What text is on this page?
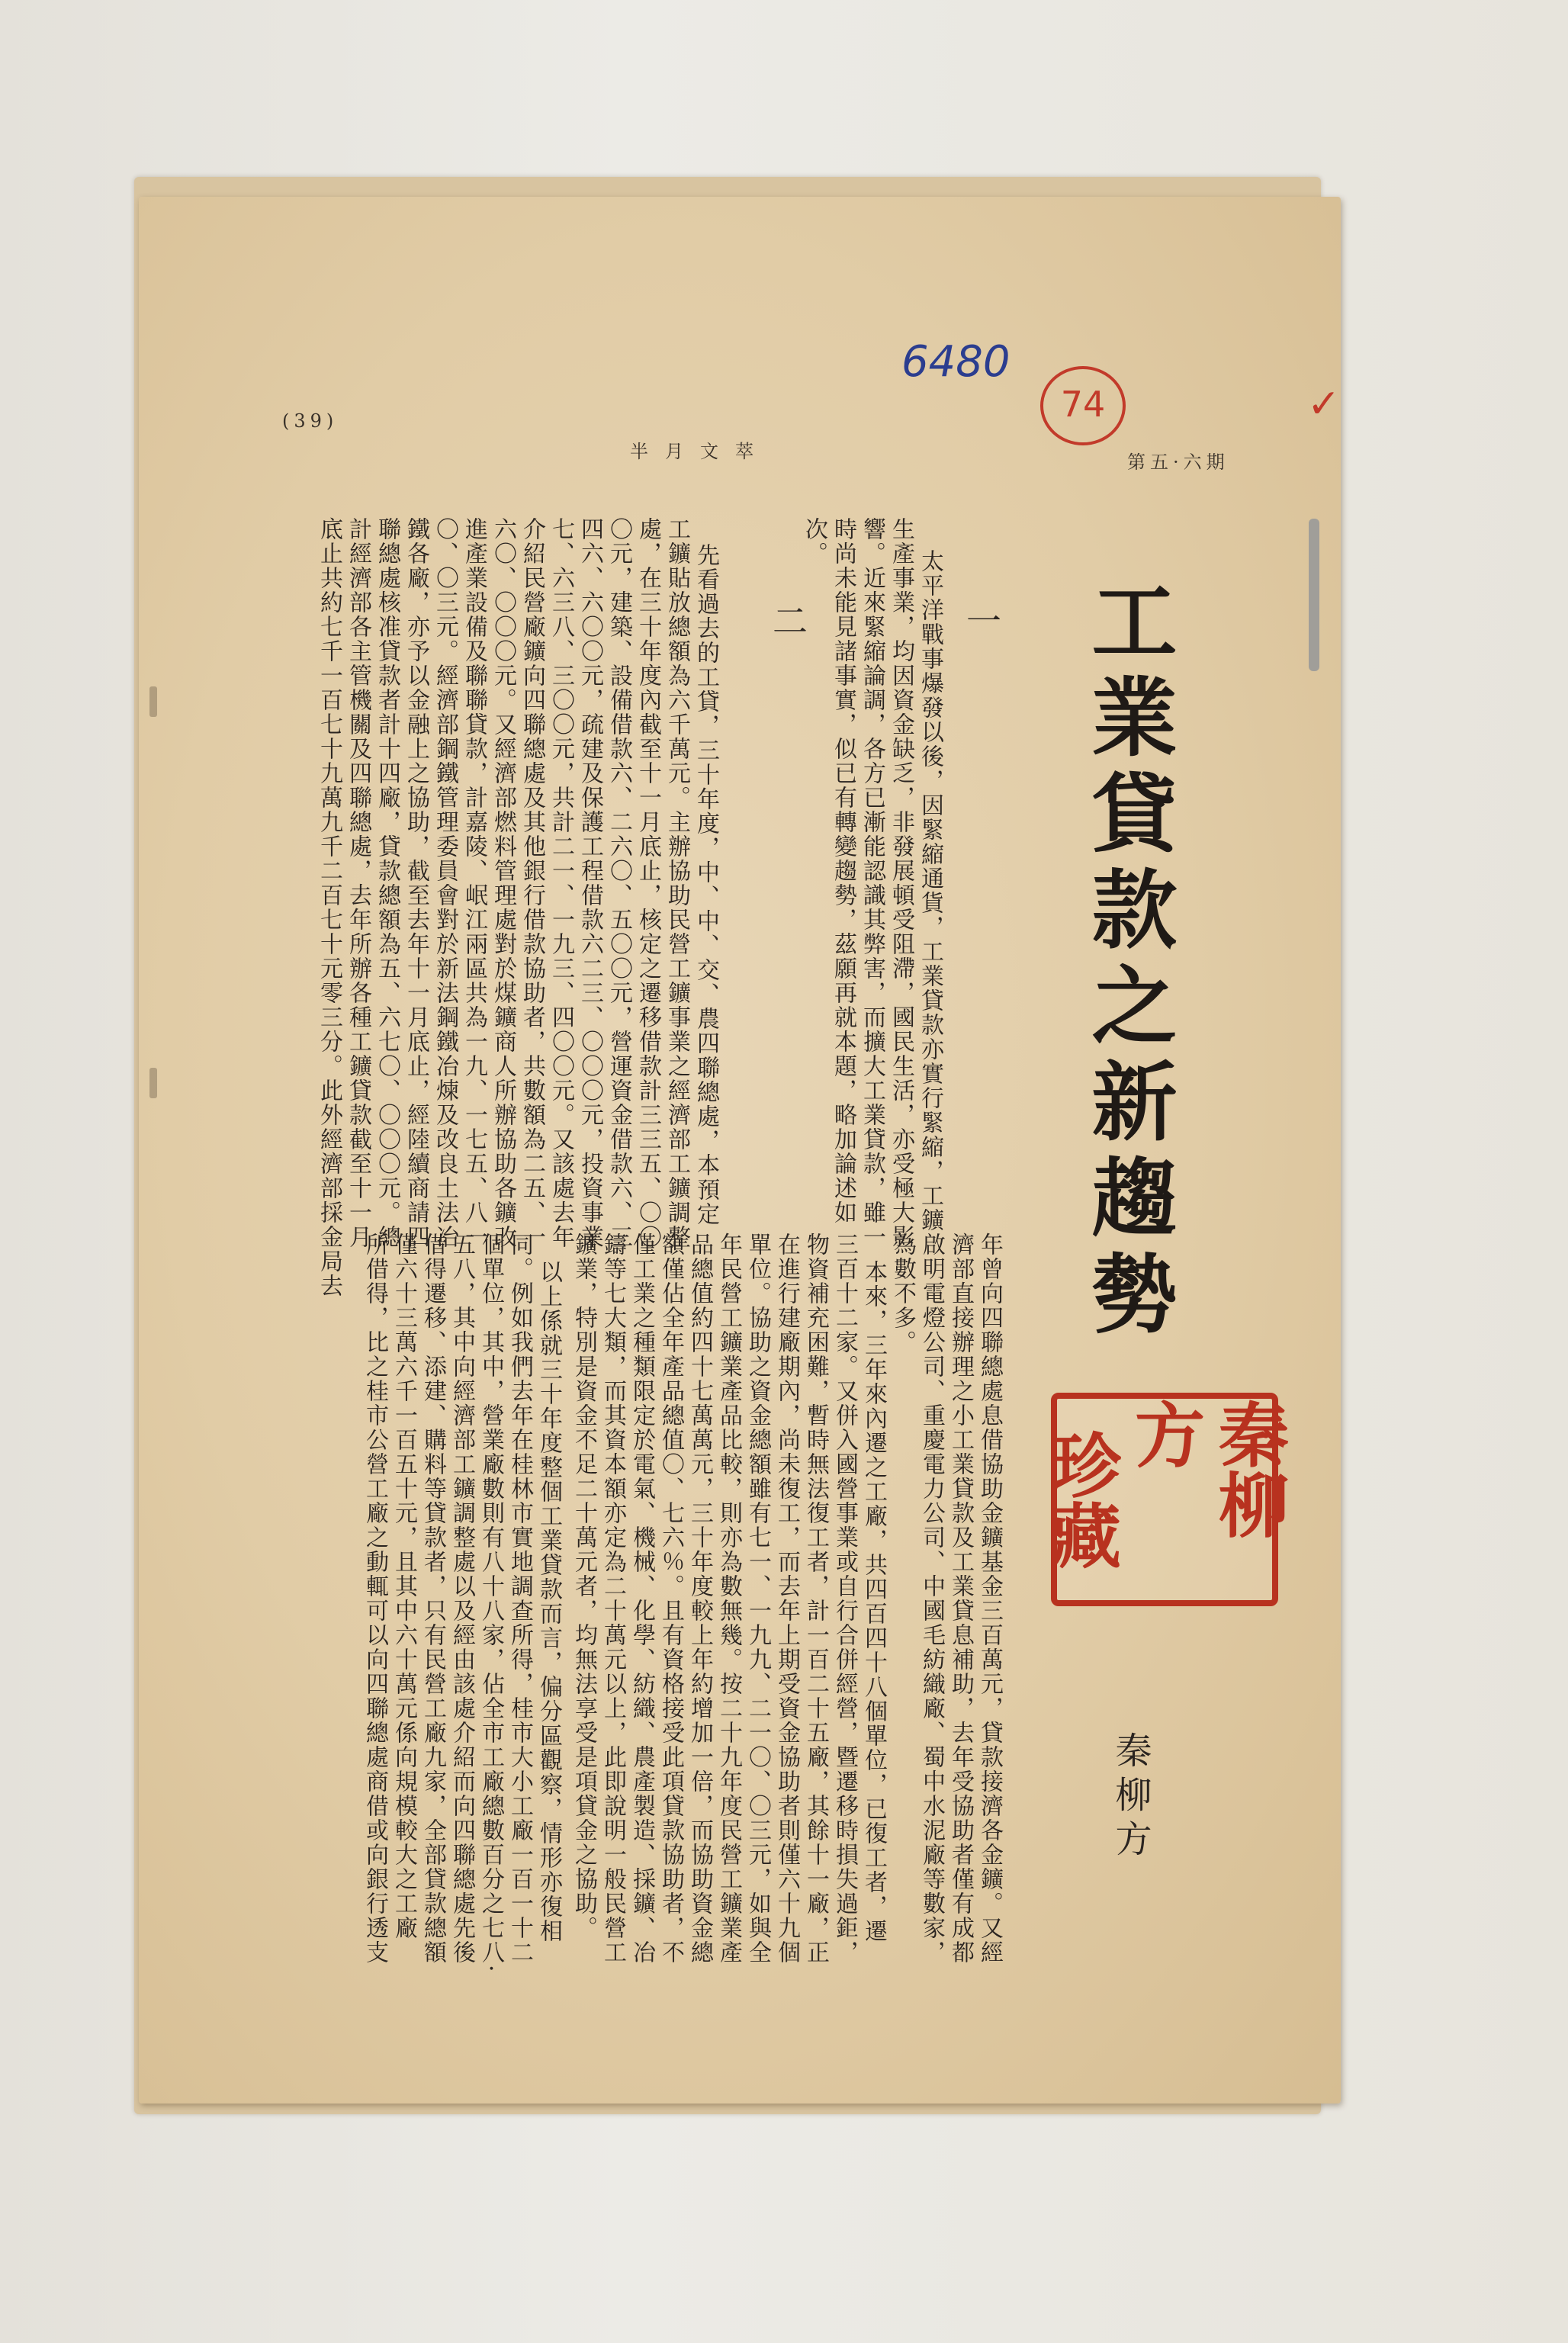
第五·六期
半月文萃
(39)
6480
74	✓
工業貸款之新趨勢
秦柳方
一
二	太平洋戰事爆發以後，因緊縮通貨，工業貸款亦實行緊縮，工鑛
生產事業，均因資金缺乏，非發展頓受阻滯，國民生活，亦受極大影
響。近來緊縮論調，各方已漸能認識其弊害，而擴大工業貸款，雖一
時尚未能見諸事實，似已有轉變趨勢，茲願再就本題，略加論述如
次。
先看過去的工貸，三十年度，中、中、交、農四聯總處，本預定
工鑛貼放總額為六千萬元。主辦協助民營工鑛事業之經濟部工鑛調整
處，在三十年度內截至十一月底止，核定之遷移借款計三三五、〇〇
〇元，建築、設備借款六、二六〇、五〇〇元，營運資金借款六、三
四六、六〇〇元，疏建及保護工程借款六二三、〇〇〇元，投資事業
七、六三八、三〇〇元，共計二一、一九三、四〇〇元。又該處去年
介紹民營廠鑛向四聯總處及其他銀行借款協助者，共數額為二五、一
六〇、〇〇〇元。又經濟部燃料管理處對於煤鑛商人所辦協助各鑛改
進產業設備及聯聯貸款，計嘉陵、岷江兩區共為一九、一七五、八一
〇、〇三元。經濟部鋼鐵管理委員會對於新法鋼鐵冶煉及改良土法冶
鐵各廠，亦予以金融上之協助，截至去年十一月底止，經陸續商請四
聯總處核准貸款者計十四廠，貸款總額為五、六七〇、〇〇〇元。總
計經濟部各主管機關及四聯總處，去年所辦各種工鑛貸款截至十一月
底止共約七千一百七十九萬九千二百七十元零三分。此外經濟部採金局去
年曾向四聯總處息借協助金鑛基金三百萬元，貸款接濟各金鑛。又經
濟部直接辦理之小工業貸款及工業貸息補助，去年受協助者僅有成都
啟明電燈公司、重慶電力公司、中國毛紡織廠、蜀中水泥廠等數家，
為數不多。
本來，三年來內遷之工廠，共四百四十八個單位，已復工者，遷
三百十二家。又併入國營事業或自行合併經營，暨遷移時損失過鉅，
物資補充困難，暫時無法復工者，計一百二十五廠，其餘十一廠，正
在進行建廠期內，尚未復工，而去年上期受資金協助者則僅六十九個
單位。協助之資金總額雖有七一、一九九、二一〇、〇三元，如與全
年民營工鑛業產品比較，則亦為數無幾。按二十九年度民營工鑛業產
品總值約四十七萬萬元，三十年度較上年約增加一倍，而協助資金總
額僅佔全年產品總值〇、七六％。且有資格接受此項貸款協助者，不
僅工業之種類限定於電氣、機械、化學、紡織、農產製造、採鑛、冶
鑄等七大類，而其資本額亦定為二十萬元以上，此即說明一般民營工
鑛業，特別是資金不足二十萬元者，均無法享受是項貸金之協助。
以上係就三十年度整個工業貸款而言，偏分區觀察，情形亦復相
同。例如我們去年在桂林市實地調查所得，桂市大小工廠一百一十二
個單位，其中，營業廠數則有八十八家，佔全市工廠總數百分之七八·
五八，其中向經濟部工鑛調整處以及經由該處介紹而向四聯總處先後
借得遷移、添建、購料等貸款者，只有民營工廠九家，全部貸款總額
僅六十三萬六千一百五十元，且其中六十萬元係向規模較大之工廠
所借得，比之桂市公營工廠之動輒可以向四聯總處商借或向銀行透支	秦柳方
珍藏
